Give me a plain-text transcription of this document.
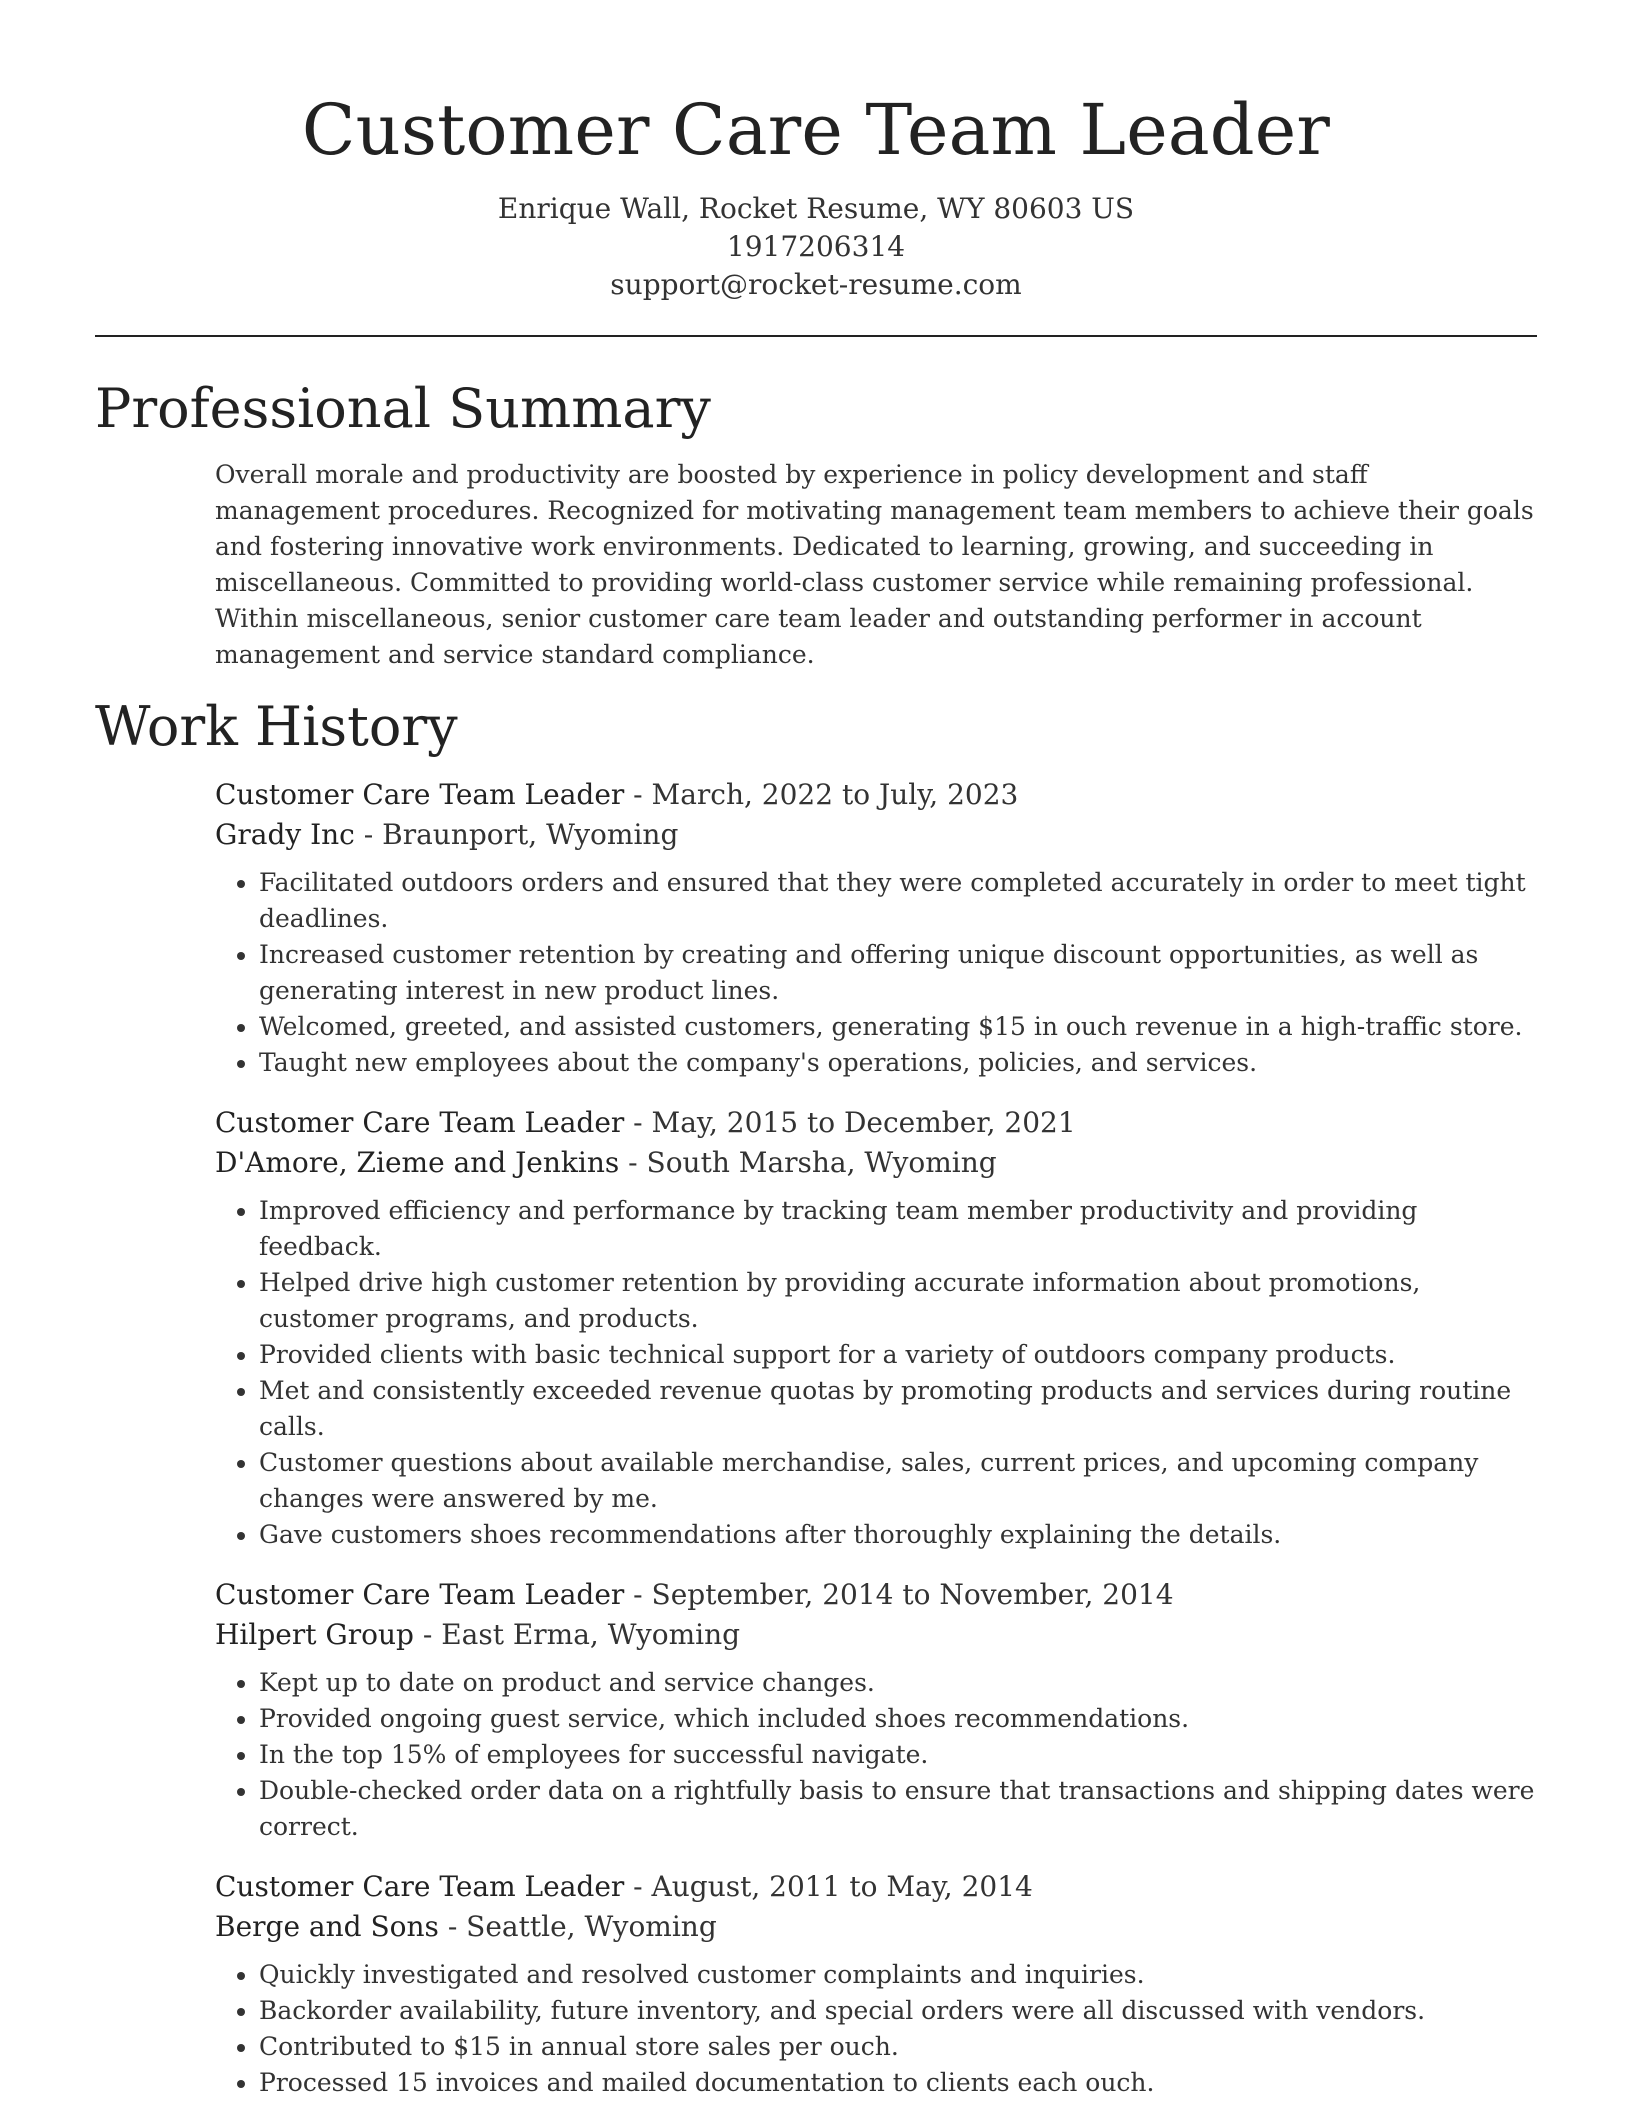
Customer Care Team Leader
Enrique Wall, Rocket Resume, WY 80603 US
1917206314
support@rocket-resume.com
Professional Summary

Overall morale and productivity are boosted by experience in policy development and staff management procedures. Recognized for motivating management team members to achieve their goals and fostering innovative work environments. Dedicated to learning, growing, and succeeding in miscellaneous. Committed to providing world-class customer service while remaining professional. Within miscellaneous, senior customer care team leader and outstanding performer in account management and service standard compliance.

Work History
Customer Care Team Leader - March, 2022 to July, 2023
Grady Inc - Braunport, Wyoming
• Facilitated outdoors orders and ensured that they were completed accurately in order to meet tight deadlines.
• Increased customer retention by creating and offering unique discount opportunities, as well as generating interest in new product lines.
• Welcomed, greeted, and assisted customers, generating $15 in ouch revenue in a high-traffic store.
• Taught new employees about the company's operations, policies, and services.
Customer Care Team Leader - May, 2015 to December, 2021
D'Amore, Zieme and Jenkins - South Marsha, Wyoming
• Improved efficiency and performance by tracking team member productivity and providing feedback.
• Helped drive high customer retention by providing accurate information about promotions, customer programs, and products.
• Provided clients with basic technical support for a variety of outdoors company products.
• Met and consistently exceeded revenue quotas by promoting products and services during routine calls.
• Customer questions about available merchandise, sales, current prices, and upcoming company changes were answered by me.
• Gave customers shoes recommendations after thoroughly explaining the details.
Customer Care Team Leader - September, 2014 to November, 2014
Hilpert Group - East Erma, Wyoming
• Kept up to date on product and service changes.
• Provided ongoing guest service, which included shoes recommendations.
• In the top 15% of employees for successful navigate.
• Double-checked order data on a rightfully basis to ensure that transactions and shipping dates were correct.
Customer Care Team Leader - August, 2011 to May, 2014
Berge and Sons - Seattle, Wyoming
• Quickly investigated and resolved customer complaints and inquiries.
• Backorder availability, future inventory, and special orders were all discussed with vendors.
• Contributed to $15 in annual store sales per ouch.
• Processed 15 invoices and mailed documentation to clients each ouch.
